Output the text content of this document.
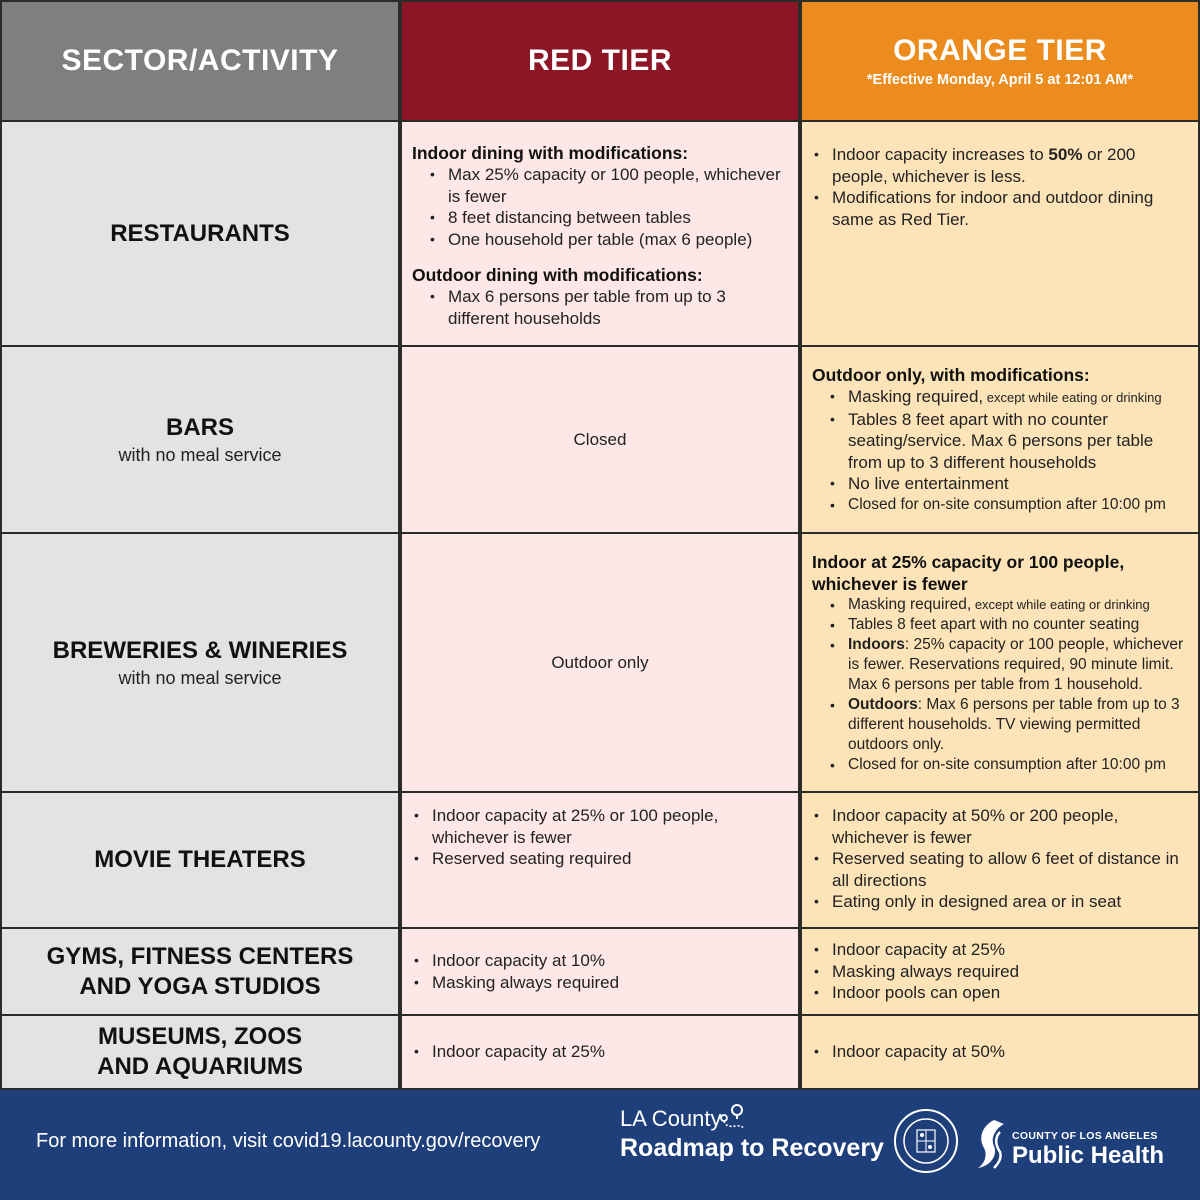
SECTOR/ACTIVITY	RED TIER	ORANGE TIER
*Effective Monday, April 5 at 12:01 AM*
RESTAURANTS
Indoor dining with modifications:
• Max 25% capacity or 100 people, whichever is fewer
• 8 feet distancing between tables
• One household per table (max 6 people)
Outdoor dining with modifications:
• Max 6 persons per table from up to 3 different households
• Indoor capacity increases to 50% or 200 people, whichever is less.
• Modifications for indoor and outdoor dining same as Red Tier.
BARS
with no meal service
Closed
Outdoor only, with modifications:
• Masking required, except while eating or drinking
• Tables 8 feet apart with no counter seating/service. Max 6 persons per table from up to 3 different households
• No live entertainment
• Closed for on-site consumption after 10:00 pm
BREWERIES & WINERIES
with no meal service
Outdoor only
Indoor at 25% capacity or 100 people, whichever is fewer
• Masking required, except while eating or drinking
• Tables 8 feet apart with no counter seating
• Indoors: 25% capacity or 100 people, whichever is fewer. Reservations required, 90 minute limit. Max 6 persons per table from 1 household.
• Outdoors: Max 6 persons per table from up to 3 different households. TV viewing permitted outdoors only.
• Closed for on-site consumption after 10:00 pm
MOVIE THEATERS
• Indoor capacity at 25% or 100 people, whichever is fewer
• Reserved seating required
• Indoor capacity at 50% or 200 people, whichever is fewer
• Reserved seating to allow 6 feet of distance in all directions
• Eating only in designed area or in seat
GYMS, FITNESS CENTERS
AND YOGA STUDIOS
• Indoor capacity at 10%
• Masking always required
• Indoor capacity at 25%
• Masking always required
• Indoor pools can open
MUSEUMS, ZOOS
AND AQUARIUMS
• Indoor capacity at 25%
•	Indoor capacity at 50%
For more information, visit covid19.lacounty.gov/recovery
LA County
Roadmap to Recovery	COUNTY OF LOS ANGELES
Public Health
